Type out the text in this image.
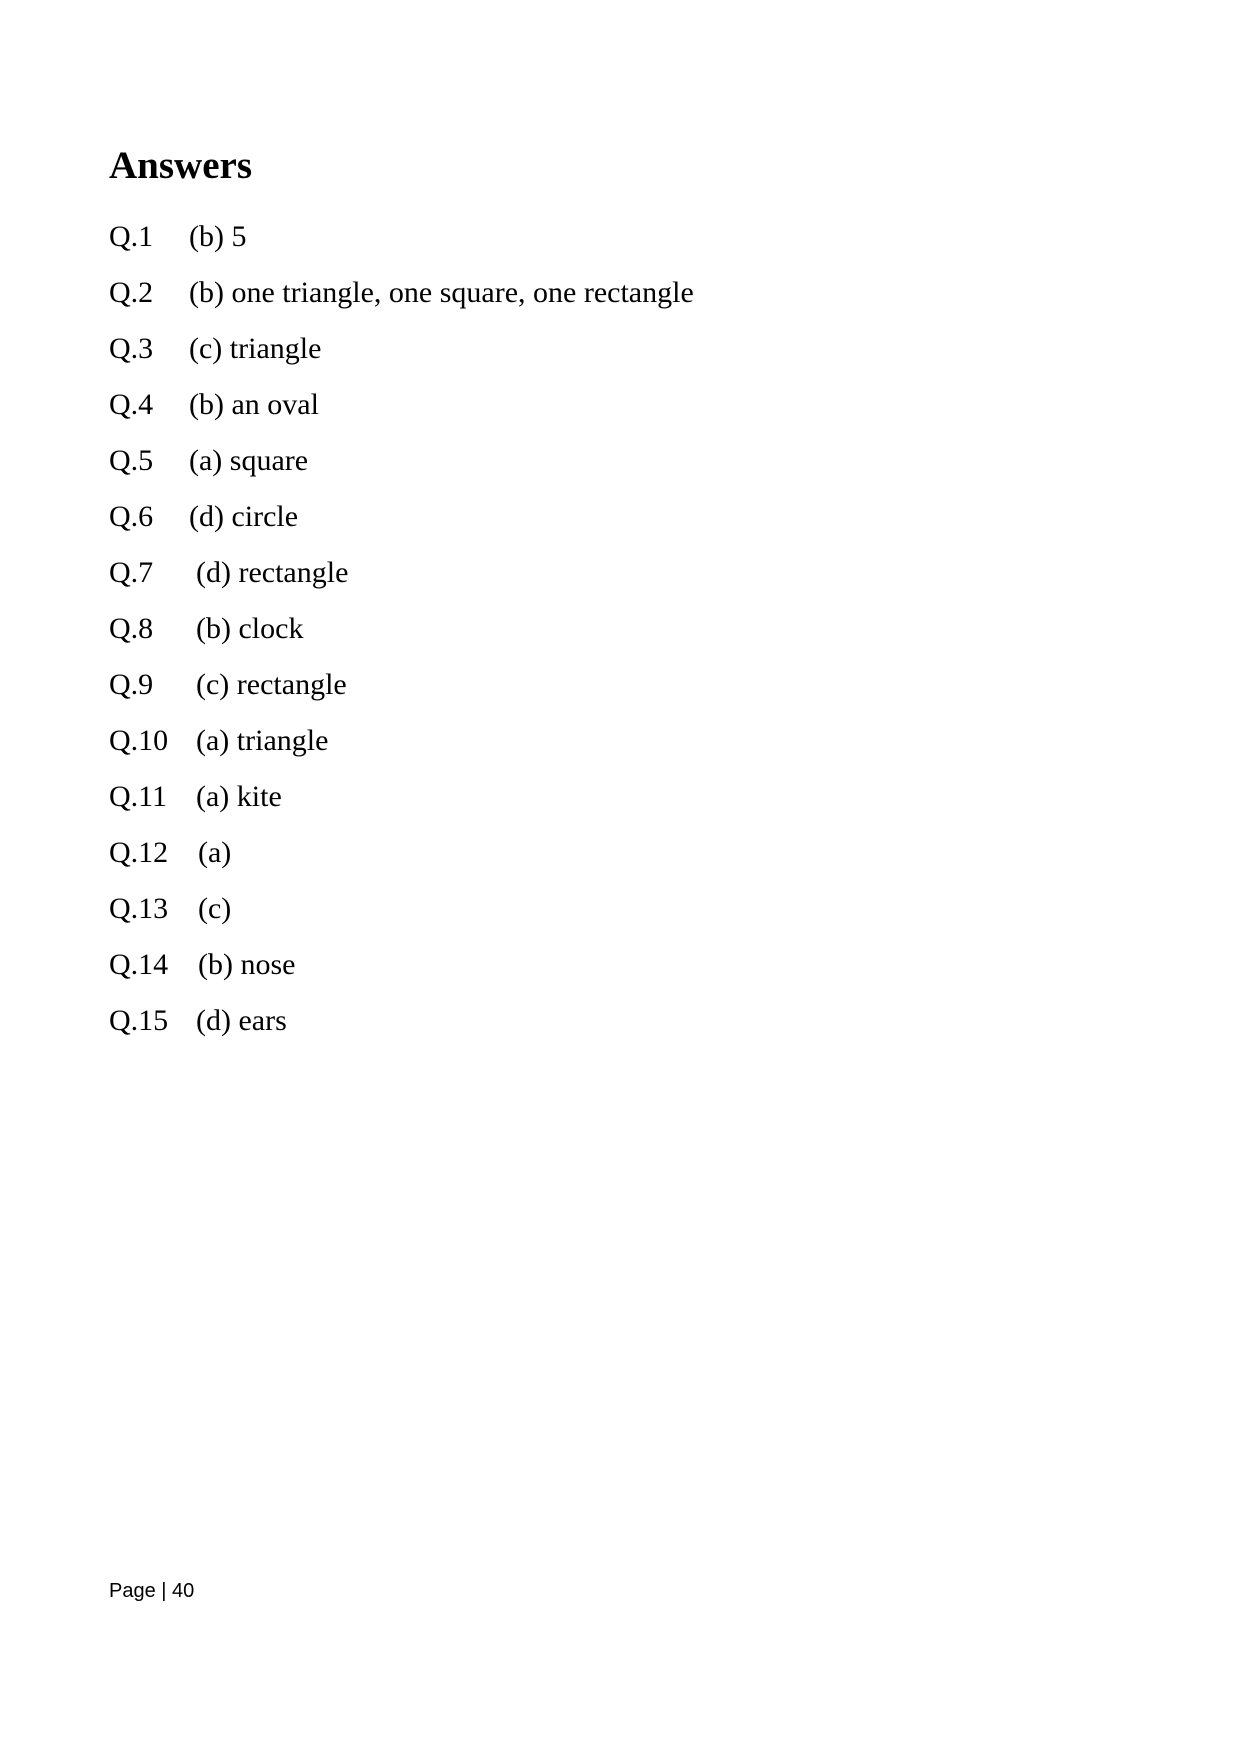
Answers
Q.1 (b) 5
Q.2 (b) one triangle, one square, one rectangle
Q.3 (c) triangle
Q.4 (b) an oval
Q.5 (a) square
Q.6 (d) circle
Q.7 (d) rectangle
Q.8 (b) clock
Q.9 (c) rectangle
Q.10 (a) triangle
Q.11 (a) kite
Q.12 (a)
Q.13 (c)
Q.14 (b) nose
Q.15 (d) ears
Page | 40
